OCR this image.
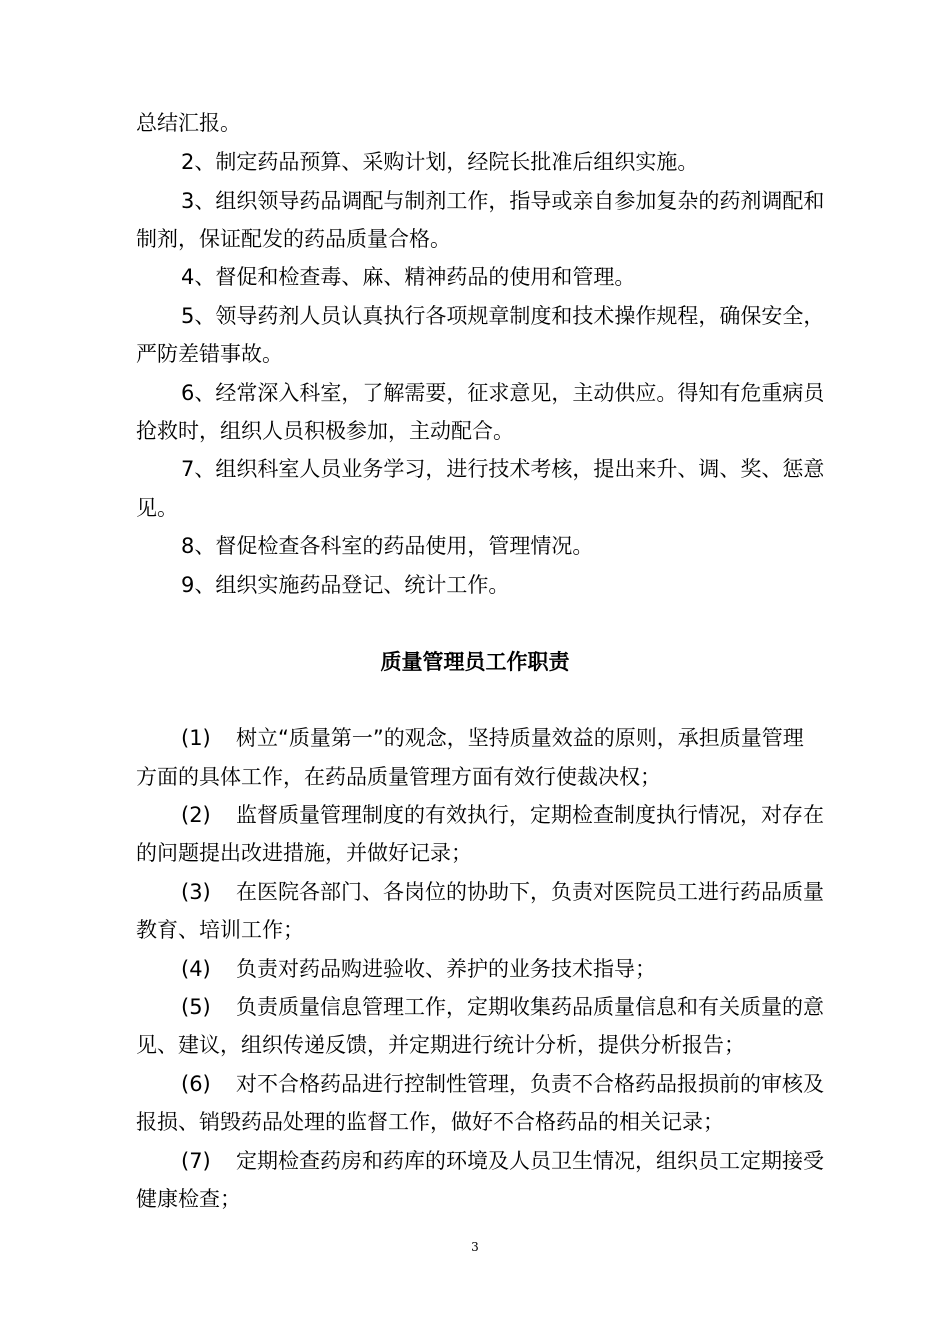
总结汇报。
2、制定药品预算、采购计划，经院长批准后组织实施。
3、组织领导药品调配与制剂工作，指导或亲自参加复杂的药剂调配和
制剂，保证配发的药品质量合格。
4、督促和检查毒、麻、精神药品的使用和管理。
5、领导药剂人员认真执行各项规章制度和技术操作规程，确保安全，
严防差错事故。
6、经常深入科室，了解需要，征求意见，主动供应。得知有危重病员
抢救时，组织人员积极参加，主动配合。
7、组织科室人员业务学习，进行技术考核，提出来升、调、奖、惩意
见。
8、督促检查各科室的药品使用，管理情况。
9、组织实施药品登记、统计工作。
质量管理员工作职责
(1) 树立“质量第一”的观念，坚持质量效益的原则，承担质量管理
方面的具体工作，在药品质量管理方面有效行使裁决权；
(2) 监督质量管理制度的有效执行，定期检查制度执行情况，对存在
的问题提出改进措施，并做好记录；
(3) 在医院各部门、各岗位的协助下，负责对医院员工进行药品质量
教育、培训工作；
(4) 负责对药品购进验收、养护的业务技术指导；
(5) 负责质量信息管理工作，定期收集药品质量信息和有关质量的意
见、建议，组织传递反馈，并定期进行统计分析，提供分析报告；
(6) 对不合格药品进行控制性管理，负责不合格药品报损前的审核及
报损、销毁药品处理的监督工作，做好不合格药品的相关记录；
(7) 定期检查药房和药库的环境及人员卫生情况，组织员工定期接受
健康检查；
3
